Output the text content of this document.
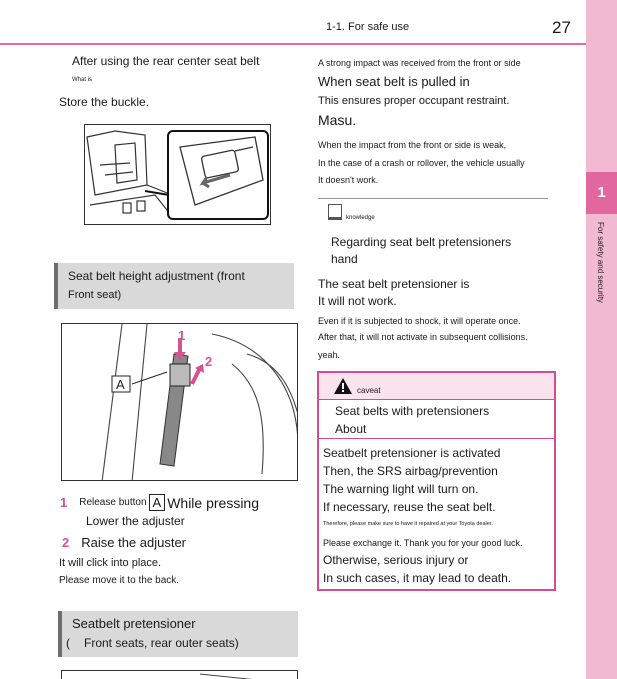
1-1. For safe use	27
1
For safety and security
After using the rear center seat belt
What is
Store the buckle.
Seat belt height adjustment (front
Front seat)
A
1
2
1 Release button A While pressing
Lower the adjuster
2 Raise the adjuster
It will click into place.
Please move it to the back.
Seatbelt pretensioner
( Front seats, rear outer seats)
A strong impact was received from the front or side
When seat belt is pulled in
This ensures proper occupant restraint.
Masu.
When the impact from the front or side is weak,
In the case of a crash or rollover, the vehicle usually
It doesn't work.
knowledge
Regarding seat belt pretensioners
hand
The seat belt pretensioner is
It will not work.
Even if it is subjected to shock, it will operate once.
After that, it will not activate in subsequent collisions.
yeah.
caveat
Seat belts with pretensioners
About
Seatbelt pretensioner is activated
Then, the SRS airbag/prevention
The warning light will turn on.
If necessary, reuse the seat belt.
Therefore, please make sure to have it repaired at your Toyota dealer.
Please exchange it. Thank you for your good luck.
Otherwise, serious injury or
In such cases, it may lead to death.
